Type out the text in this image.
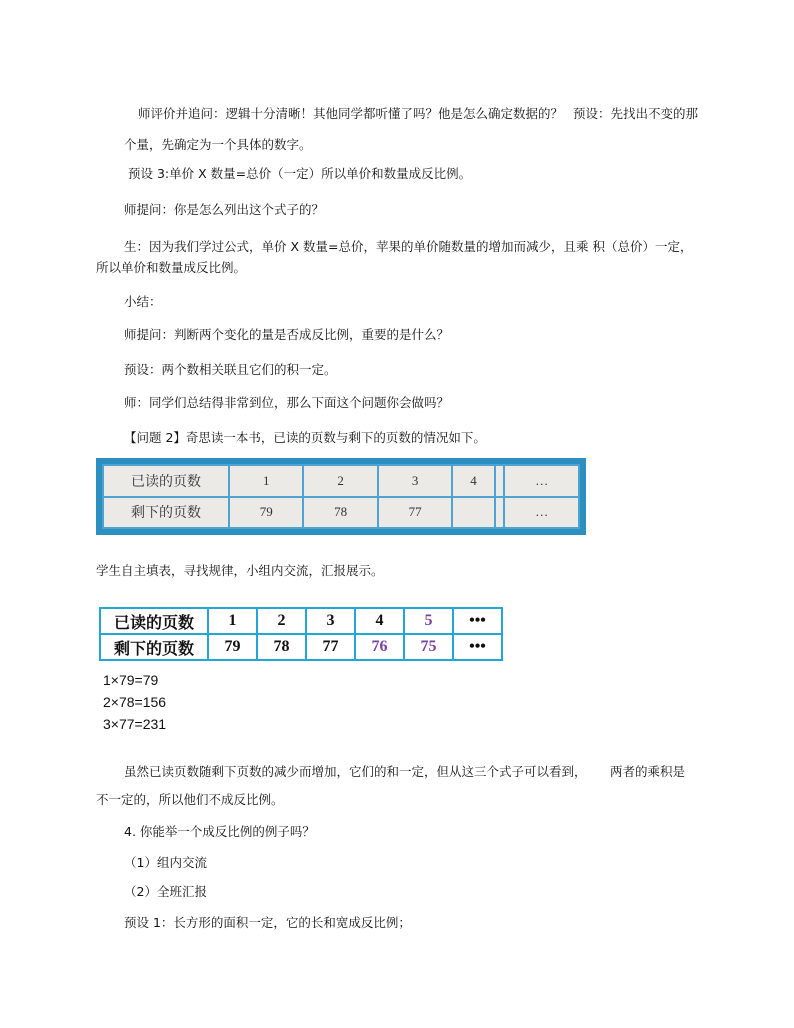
师评价并追问：逻辑十分清晰！其他同学都听懂了吗？他是怎么确定数据的？ 预设：先找出不变的那
个量，先确定为一个具体的数字。
预设 3:单价 X 数量=总价（一定）所以单价和数量成反比例。
师提问：你是怎么列出这个式子的？
生：因为我们学过公式，单价 X 数量=总价，苹果的单价随数量的增加而减少，且乘 积（总价）一定，
所以单价和数量成反比例。
小结：
师提问：判断两个变化的量是否成反比例，重要的是什么？
预设：两个数相关联且它们的积一定。
师：同学们总结得非常到位，那么下面这个问题你会做吗？
【问题 2】奇思读一本书，已读的页数与剩下的页数的情况如下。
已读的页数	1	2	3	4		…
剩下的页数	79	78	77			…
学生自主填表，寻找规律，小组内交流，汇报展示。
已读的页数	1	2	3	4	5	•••
剩下的页数	79	78	77	76	75	•••
1×79=79
2×78=156
3×77=231
虽然已读页数随剩下页数的减少而增加，它们的和一定，但从这三个式子可以看到， 两者的乘积是
不一定的，所以他们不成反比例。
4. 你能举一个成反比例的例子吗？
（1）组内交流
（2）全班汇报
预设 1：长方形的面积一定，它的长和宽成反比例；
